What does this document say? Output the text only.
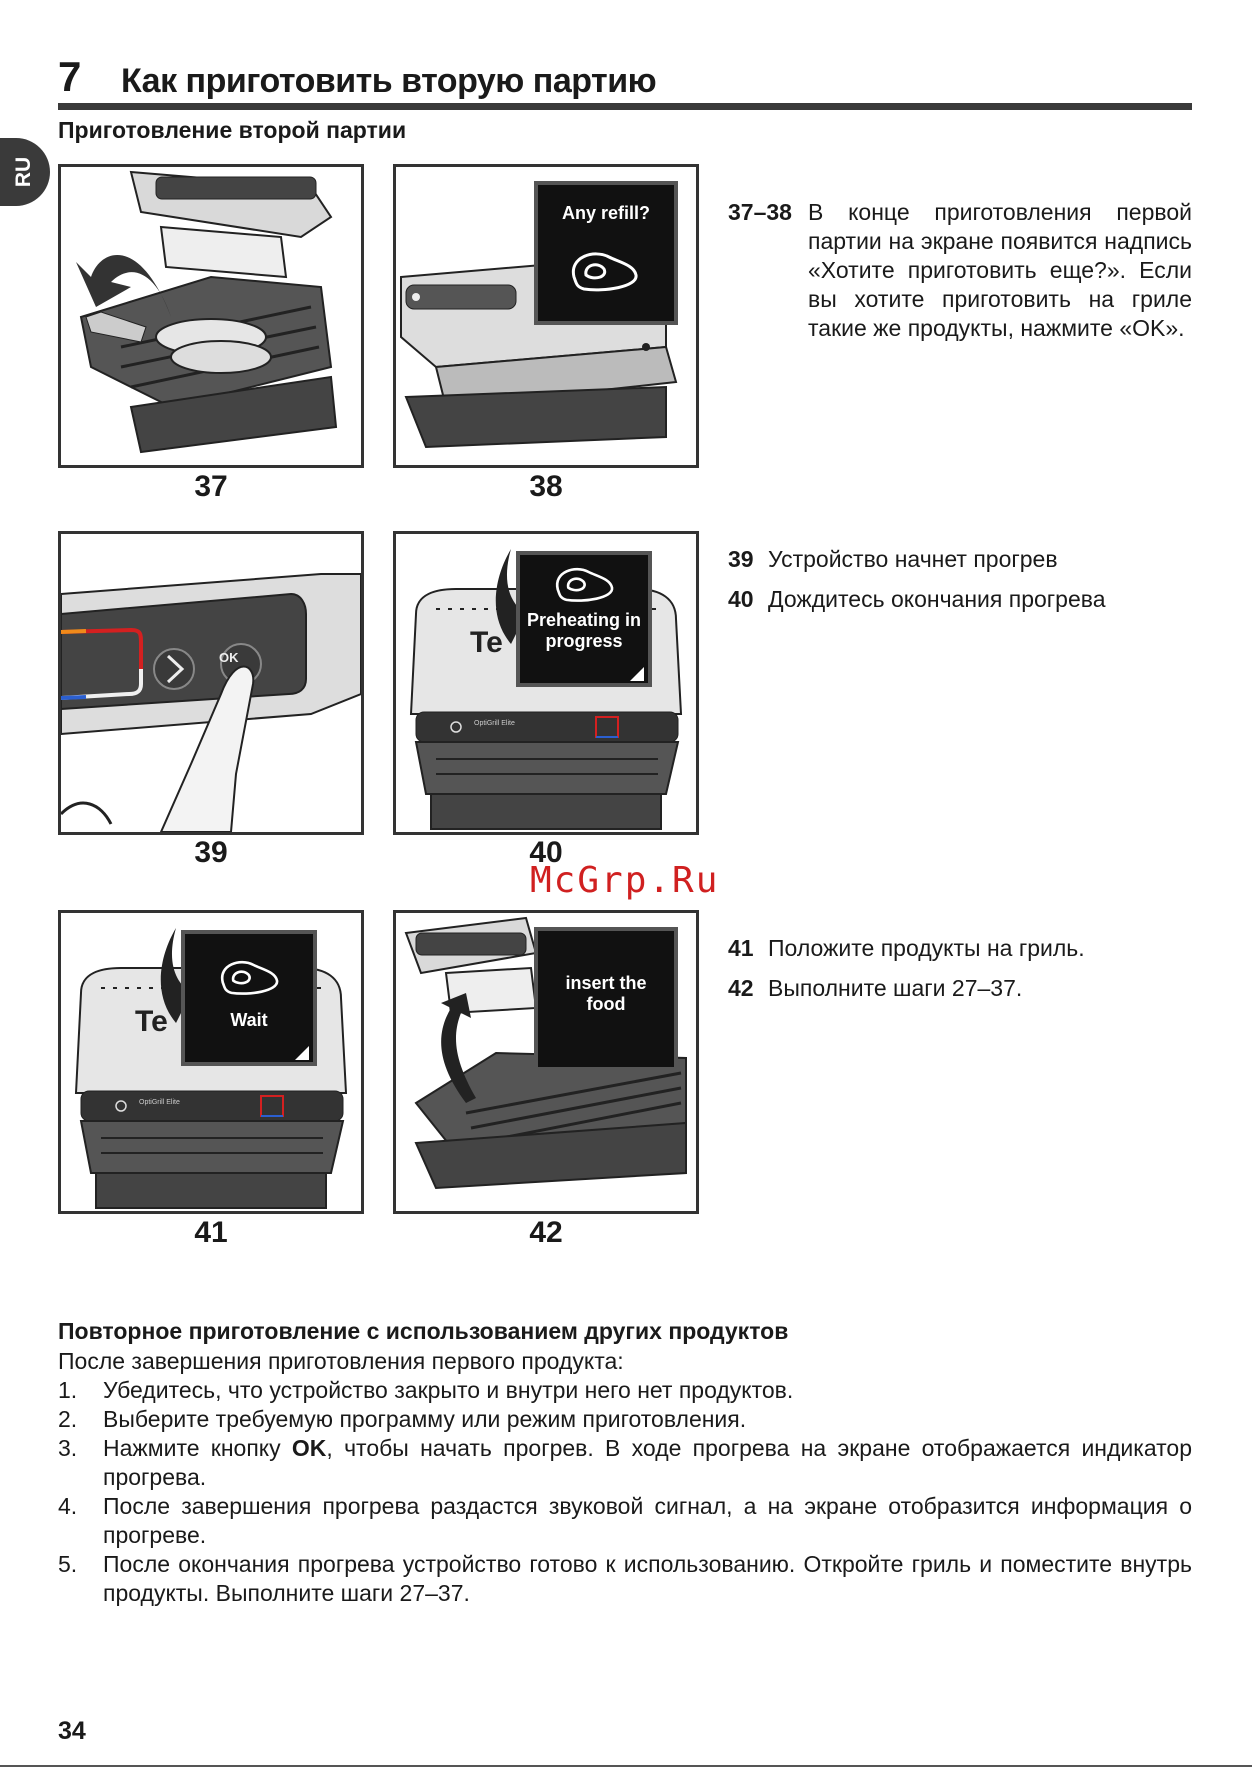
7 Как приготовить вторую партию
Приготовление второй партии
RU
37
Any refill?
38
OK
39
Te
OptiGrill Elite
Preheating in progress
40
Te
OptiGrill Elite
Wait
41
insert the food
42
37–38 В конце приготовления первой партии на экране появится надпись «Хотите приготовить еще?». Если вы хотите приготовить на гриле такие же продукты, нажмите «OK».
39 Устройство начнет прогрев
40 Дождитесь окончания прогрева
41 Положите продукты на гриль.
42 Выполните шаги 27–37.
McGrp.Ru
Повторное приготовление с использованием других продуктов
После завершения приготовления первого продукта:
1.	Убедитесь, что устройство закрыто и внутри него нет продуктов.
2.	Выберите требуемую программу или режим приготовления.
3.	Нажмите кнопку OK, чтобы начать прогрев. В ходе прогрева на экране отображается индикатор прогрева.
4.	После завершения прогрева раздастся звуковой сигнал, а на экране отобразится информация о прогреве.
5.	После окончания прогрева устройство готово к использованию. Откройте гриль и поместите внутрь продукты. Выполните шаги 27–37.
34
